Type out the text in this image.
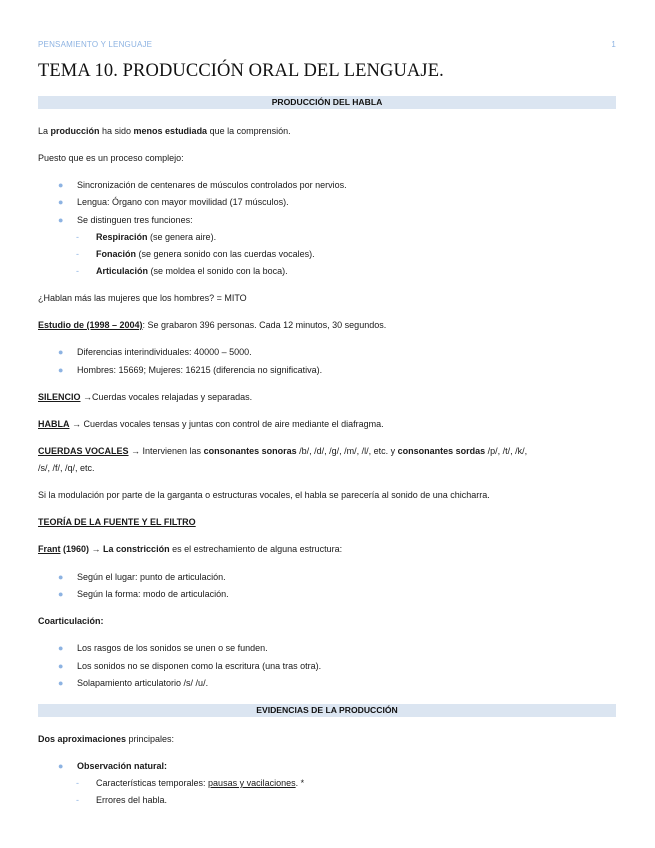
PENSAMIENTO Y LENGUAJE	1
TEMA 10. PRODUCCIÓN ORAL DEL LENGUAJE.
PRODUCCIÓN DEL HABLA
La producción ha sido menos estudiada que la comprensión.
Puesto que es un proceso complejo:
● Sincronización de centenares de músculos controlados por nervios.
● Lengua: Órgano con mayor movilidad (17 músculos).
● Se distinguen tres funciones:
- Respiración (se genera aire).
- Fonación (se genera sonido con las cuerdas vocales).
- Articulación (se moldea el sonido con la boca).
¿Hablan más las mujeres que los hombres? = MITO
Estudio de (1998 – 2004): Se grabaron 396 personas. Cada 12 minutos, 30 segundos.
● Diferencias interindividuales: 40000 – 5000.
● Hombres: 15669; Mujeres: 16215 (diferencia no significativa).
SILENCIO →Cuerdas vocales relajadas y separadas.
HABLA → Cuerdas vocales tensas y juntas con control de aire mediante el diafragma.
CUERDAS VOCALES → Intervienen las consonantes sonoras /b/, /d/, /g/, /m/, /l/, etc. y consonantes sordas /p/, /t/, /k/,
/s/, /f/, /q/, etc.
Si la modulación por parte de la garganta o estructuras vocales, el habla se parecería al sonido de una chicharra.
TEORÍA DE LA FUENTE Y EL FILTRO
Frant (1960) → La constricción es el estrechamiento de alguna estructura:
● Según el lugar: punto de articulación.
● Según la forma: modo de articulación.
Coarticulación:
● Los rasgos de los sonidos se unen o se funden.
● Los sonidos no se disponen como la escritura (una tras otra).
● Solapamiento articulatorio /s/ /u/.
EVIDENCIAS DE LA PRODUCCIÓN
Dos aproximaciones principales:
● Observación natural:
- Características temporales: pausas y vacilaciones. *
- Errores del habla.
